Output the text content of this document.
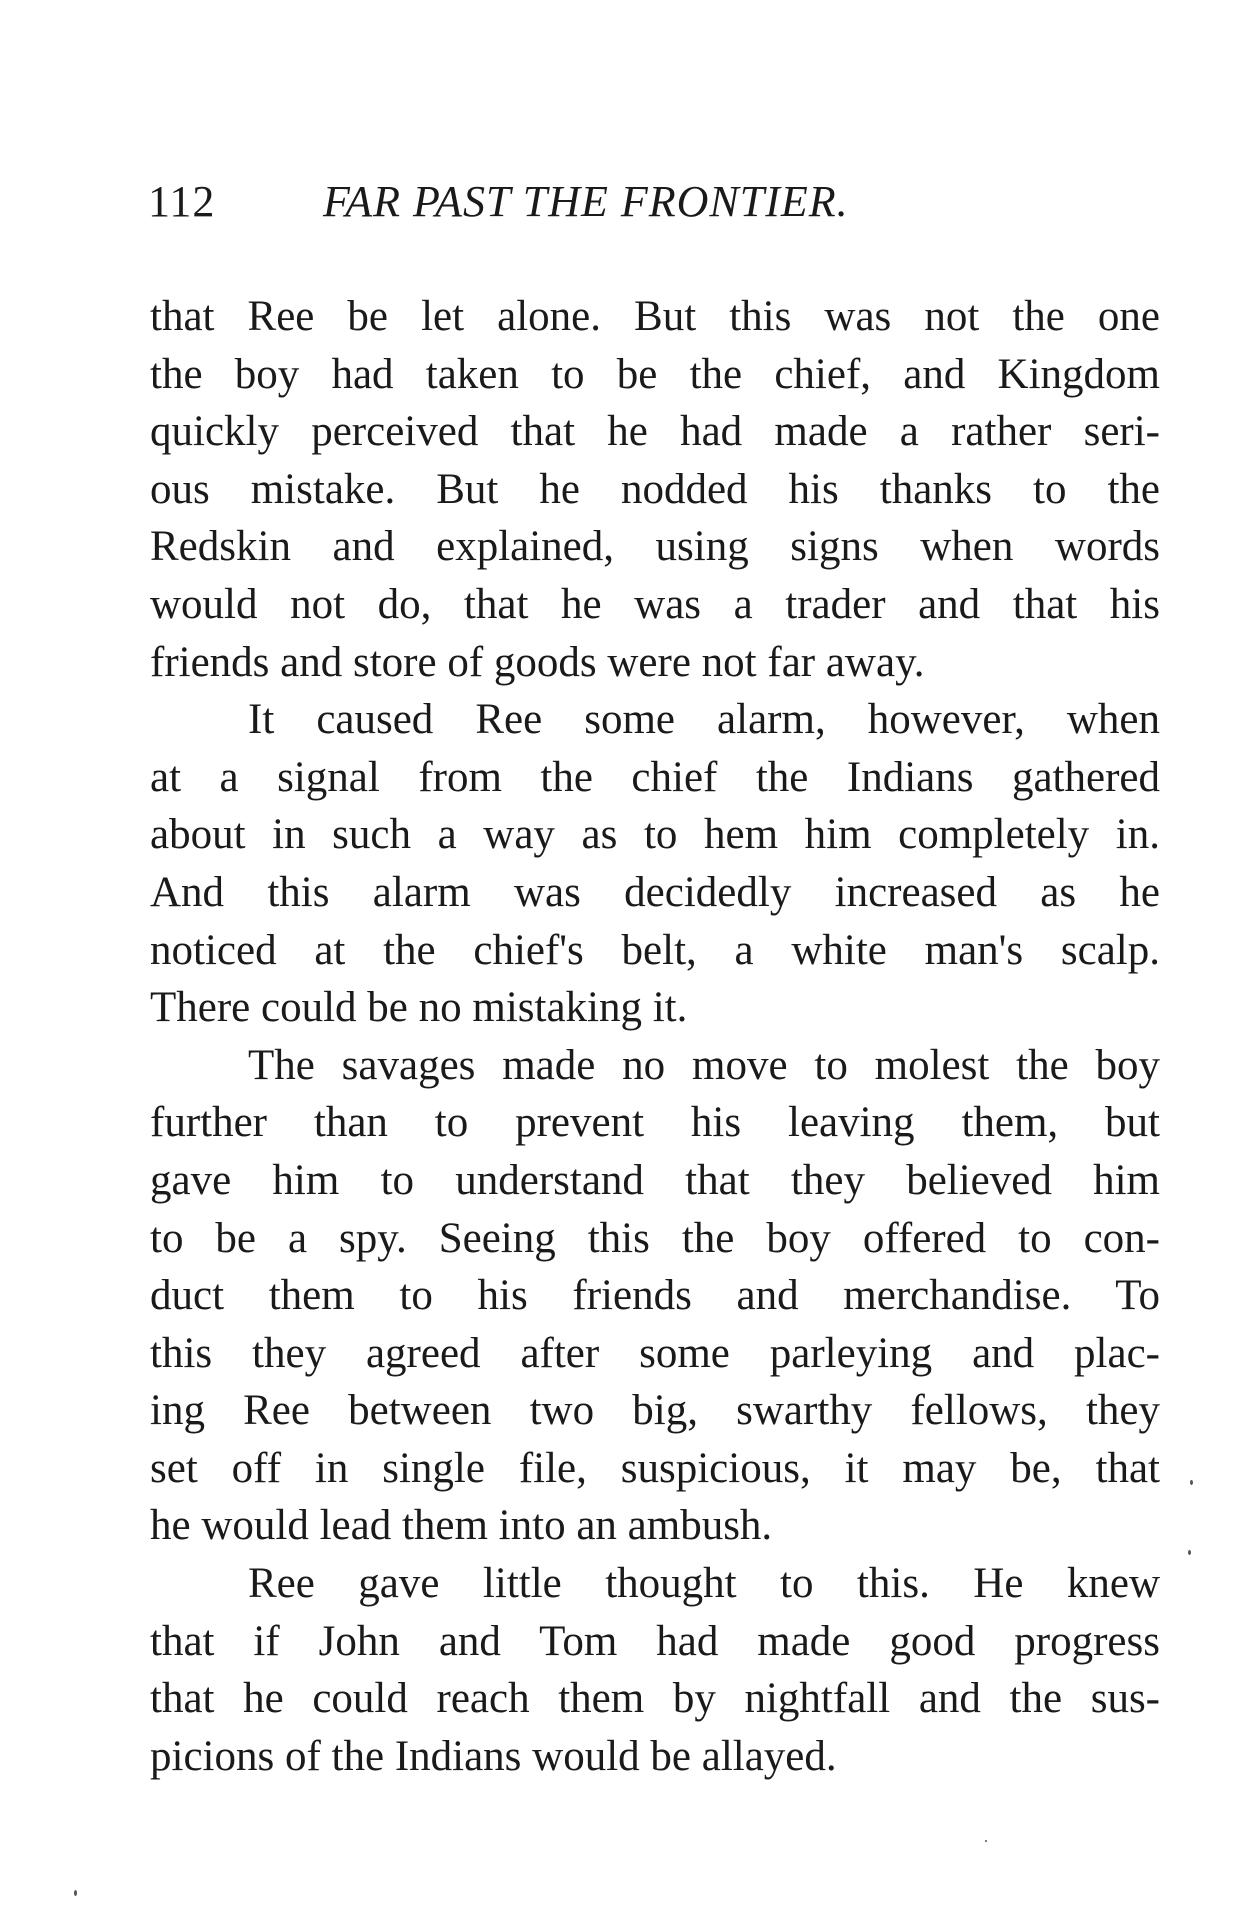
112 FAR PAST THE FRONTIER.
that Ree be let alone. But this was not the one
the boy had taken to be the chief, and Kingdom
quickly perceived that he had made a rather seri-
ous mistake. But he nodded his thanks to the
Redskin and explained, using signs when words
would not do, that he was a trader and that his
friends and store of goods were not far away.
It caused Ree some alarm, however, when
at a signal from the chief the Indians gathered
about in such a way as to hem him completely in.
And this alarm was decidedly increased as he
noticed at the chief's belt, a white man's scalp.
There could be no mistaking it.
The savages made no move to molest the boy
further than to prevent his leaving them, but
gave him to understand that they believed him
to be a spy. Seeing this the boy offered to con-
duct them to his friends and merchandise. To
this they agreed after some parleying and plac-
ing Ree between two big, swarthy fellows, they
set off in single file, suspicious, it may be, that
he would lead them into an ambush.
Ree gave little thought to this. He knew
that if John and Tom had made good progress
that he could reach them by nightfall and the sus-
picions of the Indians would be allayed.
